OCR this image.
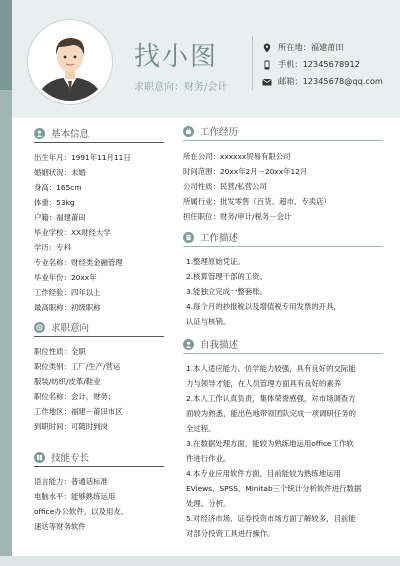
找小图
求职意向：财务/会计
所在地：福建莆田
手机：12345678912
邮箱：12345678@qq.com
基本信息
出生年月：1991年11月11日
婚姻状况：未婚
身高：165cm
体重：53kg
户籍：福建莆田
毕业学校：XX财经大学
学历：专科
专业名称：财经类金融管理
毕业年份：20xx年
工作经验：四年以上
最高职称：初级职称
求职意向
职位性质：全职
职位类别：工厂/生产/营运
服装/纺织/皮革/鞋业
职位名称：会计，财务；
工作地区：福建－莆田市区
到职时间：可随时到岗
技能专长
语言能力：普通话标准
电脑水平：能够熟练运用
office办公软件，以及用友、
速达等财务软件
工作经历
所在公司：xxxxxx贸易有限公司
时间范围：20xx年2月－20xx年12月
公司性质：民营/私营公司
所属行业：批发零售（百货、超市、专卖店）
担任职位：财务/审计/税务－会计
工作描述
1.整理原始凭证。
2.核算管理干部的工资。
3.能独立完成一整套账。
4.每个月的抄报税以及增值税专用发票的开具，
认证与核销。
自我描述
1.本人适应能力、仿学能力较强，具有良好的交际能
力与领导才能，在人员管理方面具有良好的素养
2.本人工作认真负责，集体荣誉感强，对市场调查方
面较为熟悉，能出色地带领团队完成一项调研任务的
全过程。
3.在数据处理方面，能较为熟练地运用office工作软
件进行作业。
4.本专业应用软件方面，目前能较为熟练地运用
EViews、SPSS、Minitab三个统计分析软件进行数据
处理、分析。
5.对经济市场、证券投资市场方面了解较多，目前能
对部分投资工具进行操作。
